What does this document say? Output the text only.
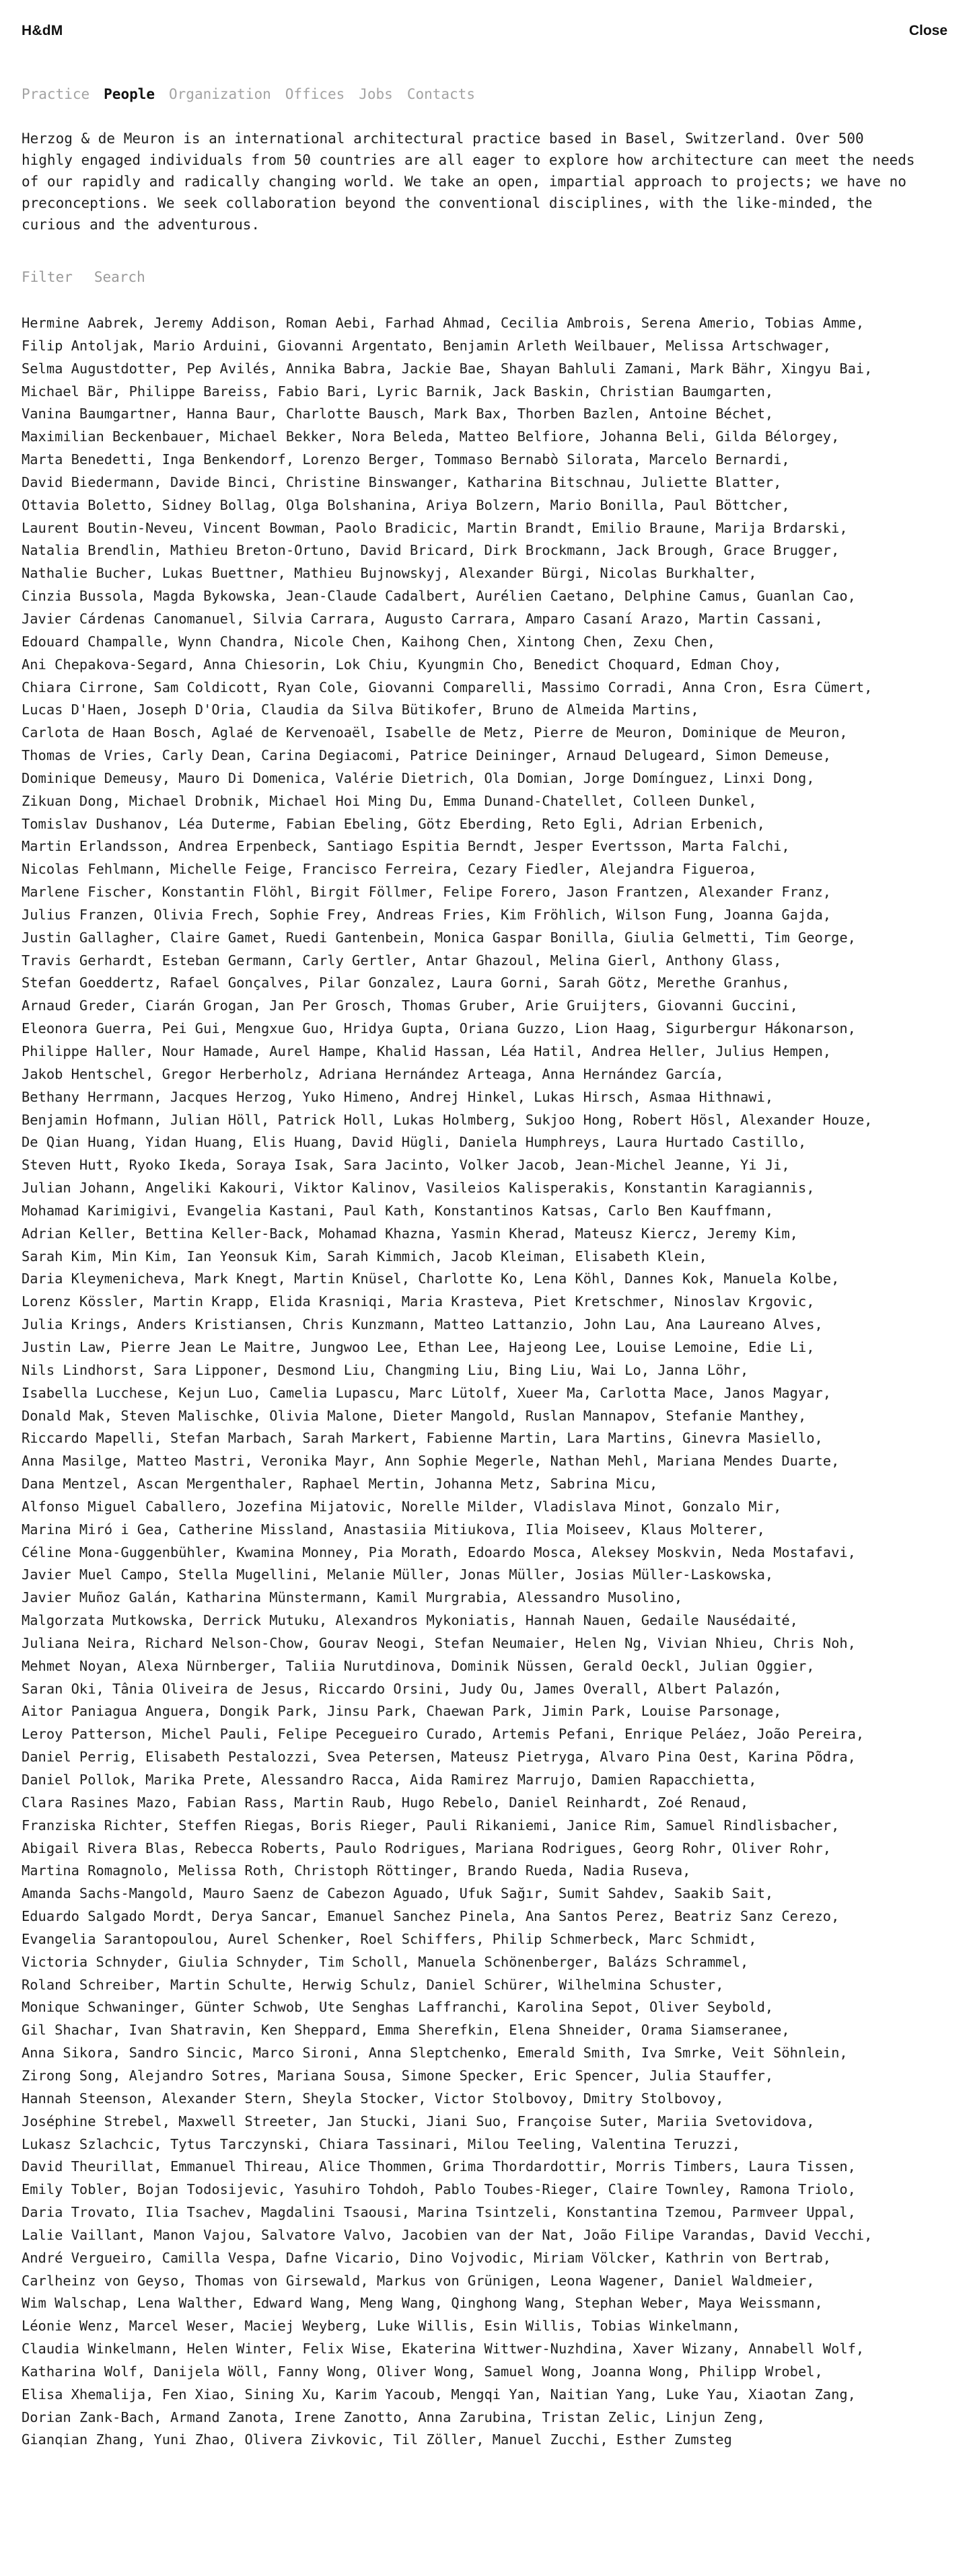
H&dM	Close
Practice People Organization Offices Jobs Contacts

Herzog & de Meuron is an international architectural practice based in Basel, Switzerland. Over 500 highly engaged individuals from 50 countries are all eager to explore how architecture can meet the needs of our rapidly and radically changing world. We take an open, impartial approach to projects; we have no preconceptions. We seek collaboration beyond the conventional disciplines, with the like-minded, the curious and the adventurous.

Filter Search
Hermine Aabrek, Jeremy Addison, Roman Aebi, Farhad Ahmad, Cecilia Ambrois, Serena Amerio, Tobias Amme,
Filip Antoljak, Mario Arduini, Giovanni Argentato, Benjamin Arleth Weilbauer, Melissa Artschwager,
Selma Augustdotter, Pep Avilés, Annika Babra, Jackie Bae, Shayan Bahluli Zamani, Mark Bähr, Xingyu Bai,
Michael Bär, Philippe Bareiss, Fabio Bari, Lyric Barnik, Jack Baskin, Christian Baumgarten,
Vanina Baumgartner, Hanna Baur, Charlotte Bausch, Mark Bax, Thorben Bazlen, Antoine Béchet,
Maximilian Beckenbauer, Michael Bekker, Nora Beleda, Matteo Belfiore, Johanna Beli, Gilda Bélorgey,
Marta Benedetti, Inga Benkendorf, Lorenzo Berger, Tommaso Bernabò Silorata, Marcelo Bernardi,
David Biedermann, Davide Binci, Christine Binswanger, Katharina Bitschnau, Juliette Blatter,
Ottavia Boletto, Sidney Bollag, Olga Bolshanina, Ariya Bolzern, Mario Bonilla, Paul Böttcher,
Laurent Boutin-Neveu, Vincent Bowman, Paolo Bradicic, Martin Brandt, Emilio Braune, Marija Brdarski,
Natalia Brendlin, Mathieu Breton-Ortuno, David Bricard, Dirk Brockmann, Jack Brough, Grace Brugger,
Nathalie Bucher, Lukas Buettner, Mathieu Bujnowskyj, Alexander Bürgi, Nicolas Burkhalter,
Cinzia Bussola, Magda Bykowska, Jean-Claude Cadalbert, Aurélien Caetano, Delphine Camus, Guanlan Cao,
Javier Cárdenas Canomanuel, Silvia Carrara, Augusto Carrara, Amparo Casaní Arazo, Martin Cassani,
Edouard Champalle, Wynn Chandra, Nicole Chen, Kaihong Chen, Xintong Chen, Zexu Chen,
Ani Chepakova-Segard, Anna Chiesorin, Lok Chiu, Kyungmin Cho, Benedict Choquard, Edman Choy,
Chiara Cirrone, Sam Coldicott, Ryan Cole, Giovanni Comparelli, Massimo Corradi, Anna Cron, Esra Cümert,
Lucas D'Haen, Joseph D'Oria, Claudia da Silva Bütikofer, Bruno de Almeida Martins,
Carlota de Haan Bosch, Aglaé de Kervenoaël, Isabelle de Metz, Pierre de Meuron, Dominique de Meuron,
Thomas de Vries, Carly Dean, Carina Degiacomi, Patrice Deininger, Arnaud Delugeard, Simon Demeuse,
Dominique Demeusy, Mauro Di Domenica, Valérie Dietrich, Ola Domian, Jorge Domínguez, Linxi Dong,
Zikuan Dong, Michael Drobnik, Michael Hoi Ming Du, Emma Dunand-Chatellet, Colleen Dunkel,
Tomislav Dushanov, Léa Duterme, Fabian Ebeling, Götz Eberding, Reto Egli, Adrian Erbenich,
Martin Erlandsson, Andrea Erpenbeck, Santiago Espitia Berndt, Jesper Evertsson, Marta Falchi,
Nicolas Fehlmann, Michelle Feige, Francisco Ferreira, Cezary Fiedler, Alejandra Figueroa,
Marlene Fischer, Konstantin Flöhl, Birgit Föllmer, Felipe Forero, Jason Frantzen, Alexander Franz,
Julius Franzen, Olivia Frech, Sophie Frey, Andreas Fries, Kim Fröhlich, Wilson Fung, Joanna Gajda,
Justin Gallagher, Claire Gamet, Ruedi Gantenbein, Monica Gaspar Bonilla, Giulia Gelmetti, Tim George,
Travis Gerhardt, Esteban Germann, Carly Gertler, Antar Ghazoul, Melina Gierl, Anthony Glass,
Stefan Goeddertz, Rafael Gonçalves, Pilar Gonzalez, Laura Gorni, Sarah Götz, Merethe Granhus,
Arnaud Greder, Ciarán Grogan, Jan Per Grosch, Thomas Gruber, Arie Gruijters, Giovanni Guccini,
Eleonora Guerra, Pei Gui, Mengxue Guo, Hridya Gupta, Oriana Guzzo, Lion Haag, Sigurbergur Hákonarson,
Philippe Haller, Nour Hamade, Aurel Hampe, Khalid Hassan, Léa Hatil, Andrea Heller, Julius Hempen,
Jakob Hentschel, Gregor Herberholz, Adriana Hernández Arteaga, Anna Hernández García,
Bethany Herrmann, Jacques Herzog, Yuko Himeno, Andrej Hinkel, Lukas Hirsch, Asmaa Hithnawi,
Benjamin Hofmann, Julian Höll, Patrick Holl, Lukas Holmberg, Sukjoo Hong, Robert Hösl, Alexander Houze,
De Qian Huang, Yidan Huang, Elis Huang, David Hügli, Daniela Humphreys, Laura Hurtado Castillo,
Steven Hutt, Ryoko Ikeda, Soraya Isak, Sara Jacinto, Volker Jacob, Jean-Michel Jeanne, Yi Ji,
Julian Johann, Angeliki Kakouri, Viktor Kalinov, Vasileios Kalisperakis, Konstantin Karagiannis,
Mohamad Karimigivi, Evangelia Kastani, Paul Kath, Konstantinos Katsas, Carlo Ben Kauffmann,
Adrian Keller, Bettina Keller-Back, Mohamad Khazna, Yasmin Kherad, Mateusz Kiercz, Jeremy Kim,
Sarah Kim, Min Kim, Ian Yeonsuk Kim, Sarah Kimmich, Jacob Kleiman, Elisabeth Klein,
Daria Kleymenicheva, Mark Knegt, Martin Knüsel, Charlotte Ko, Lena Köhl, Dannes Kok, Manuela Kolbe,
Lorenz Kössler, Martin Krapp, Elida Krasniqi, Maria Krasteva, Piet Kretschmer, Ninoslav Krgovic,
Julia Krings, Anders Kristiansen, Chris Kunzmann, Matteo Lattanzio, John Lau, Ana Laureano Alves,
Justin Law, Pierre Jean Le Maitre, Jungwoo Lee, Ethan Lee, Hajeong Lee, Louise Lemoine, Edie Li,
Nils Lindhorst, Sara Lipponer, Desmond Liu, Changming Liu, Bing Liu, Wai Lo, Janna Löhr,
Isabella Lucchese, Kejun Luo, Camelia Lupascu, Marc Lütolf, Xueer Ma, Carlotta Mace, Janos Magyar,
Donald Mak, Steven Malischke, Olivia Malone, Dieter Mangold, Ruslan Mannapov, Stefanie Manthey,
Riccardo Mapelli, Stefan Marbach, Sarah Markert, Fabienne Martin, Lara Martins, Ginevra Masiello,
Anna Masilge, Matteo Mastri, Veronika Mayr, Ann Sophie Megerle, Nathan Mehl, Mariana Mendes Duarte,
Dana Mentzel, Ascan Mergenthaler, Raphael Mertin, Johanna Metz, Sabrina Micu,
Alfonso Miguel Caballero, Jozefina Mijatovic, Norelle Milder, Vladislava Minot, Gonzalo Mir,
Marina Miró i Gea, Catherine Missland, Anastasiia Mitiukova, Ilia Moiseev, Klaus Molterer,
Céline Mona-Guggenbühler, Kwamina Monney, Pia Morath, Edoardo Mosca, Aleksey Moskvin, Neda Mostafavi,
Javier Muel Campo, Stella Mugellini, Melanie Müller, Jonas Müller, Josias Müller-Laskowska,
Javier Muñoz Galán, Katharina Münstermann, Kamil Murgrabia, Alessandro Musolino,
Malgorzata Mutkowska, Derrick Mutuku, Alexandros Mykoniatis, Hannah Nauen, Gedaile Nausédaité,
Juliana Neira, Richard Nelson-Chow, Gourav Neogi, Stefan Neumaier, Helen Ng, Vivian Nhieu, Chris Noh,
Mehmet Noyan, Alexa Nürnberger, Taliia Nurutdinova, Dominik Nüssen, Gerald Oeckl, Julian Oggier,
Saran Oki, Tânia Oliveira de Jesus, Riccardo Orsini, Judy Ou, James Overall, Albert Palazón,
Aitor Paniagua Anguera, Dongik Park, Jinsu Park, Chaewan Park, Jimin Park, Louise Parsonage,
Leroy Patterson, Michel Pauli, Felipe Pecegueiro Curado, Artemis Pefani, Enrique Peláez, João Pereira,
Daniel Perrig, Elisabeth Pestalozzi, Svea Petersen, Mateusz Pietryga, Alvaro Pina Oest, Karina Põdra,
Daniel Pollok, Marika Prete, Alessandro Racca, Aida Ramirez Marrujo, Damien Rapacchietta,
Clara Rasines Mazo, Fabian Rass, Martin Raub, Hugo Rebelo, Daniel Reinhardt, Zoé Renaud,
Franziska Richter, Steffen Riegas, Boris Rieger, Pauli Rikaniemi, Janice Rim, Samuel Rindlisbacher,
Abigail Rivera Blas, Rebecca Roberts, Paulo Rodrigues, Mariana Rodrigues, Georg Rohr, Oliver Rohr,
Martina Romagnolo, Melissa Roth, Christoph Röttinger, Brando Rueda, Nadia Ruseva,
Amanda Sachs-Mangold, Mauro Saenz de Cabezon Aguado, Ufuk Sağır, Sumit Sahdev, Saakib Sait,
Eduardo Salgado Mordt, Derya Sancar, Emanuel Sanchez Pinela, Ana Santos Perez, Beatriz Sanz Cerezo,
Evangelia Sarantopoulou, Aurel Schenker, Roel Schiffers, Philip Schmerbeck, Marc Schmidt,
Victoria Schnyder, Giulia Schnyder, Tim Scholl, Manuela Schönenberger, Balázs Schrammel,
Roland Schreiber, Martin Schulte, Herwig Schulz, Daniel Schürer, Wilhelmina Schuster,
Monique Schwaninger, Günter Schwob, Ute Senghas Laffranchi, Karolina Sepot, Oliver Seybold,
Gil Shachar, Ivan Shatravin, Ken Sheppard, Emma Sherefkin, Elena Shneider, Orama Siamseranee,
Anna Sikora, Sandro Sincic, Marco Sironi, Anna Sleptchenko, Emerald Smith, Iva Smrke, Veit Söhnlein,
Zirong Song, Alejandro Sotres, Mariana Sousa, Simone Specker, Eric Spencer, Julia Stauffer,
Hannah Steenson, Alexander Stern, Sheyla Stocker, Victor Stolbovoy, Dmitry Stolbovoy,
Joséphine Strebel, Maxwell Streeter, Jan Stucki, Jiani Suo, Françoise Suter, Mariia Svetovidova,
Lukasz Szlachcic, Tytus Tarczynski, Chiara Tassinari, Milou Teeling, Valentina Teruzzi,
David Theurillat, Emmanuel Thireau, Alice Thommen, Grima Thordardottir, Morris Timbers, Laura Tissen,
Emily Tobler, Bojan Todosijevic, Yasuhiro Tohdoh, Pablo Toubes-Rieger, Claire Townley, Ramona Triolo,
Daria Trovato, Ilia Tsachev, Magdalini Tsaousi, Marina Tsintzeli, Konstantina Tzemou, Parmveer Uppal,
Lalie Vaillant, Manon Vajou, Salvatore Valvo, Jacobien van der Nat, João Filipe Varandas, David Vecchi,
André Vergueiro, Camilla Vespa, Dafne Vicario, Dino Vojvodic, Miriam Völcker, Kathrin von Bertrab,
Carlheinz von Geyso, Thomas von Girsewald, Markus von Grünigen, Leona Wagener, Daniel Waldmeier,
Wim Walschap, Lena Walther, Edward Wang, Meng Wang, Qinghong Wang, Stephan Weber, Maya Weissmann,
Léonie Wenz, Marcel Weser, Maciej Weyberg, Luke Willis, Esin Willis, Tobias Winkelmann,
Claudia Winkelmann, Helen Winter, Felix Wise, Ekaterina Wittwer-Nuzhdina, Xaver Wizany, Annabell Wolf,
Katharina Wolf, Danijela Wöll, Fanny Wong, Oliver Wong, Samuel Wong, Joanna Wong, Philipp Wrobel,
Elisa Xhemalija, Fen Xiao, Sining Xu, Karim Yacoub, Mengqi Yan, Naitian Yang, Luke Yau, Xiaotan Zang,
Dorian Zank-Bach, Armand Zanota, Irene Zanotto, Anna Zarubina, Tristan Zelic, Linjun Zeng,
Gianqian Zhang, Yuni Zhao, Olivera Zivkovic, Til Zöller, Manuel Zucchi, Esther Zumsteg
